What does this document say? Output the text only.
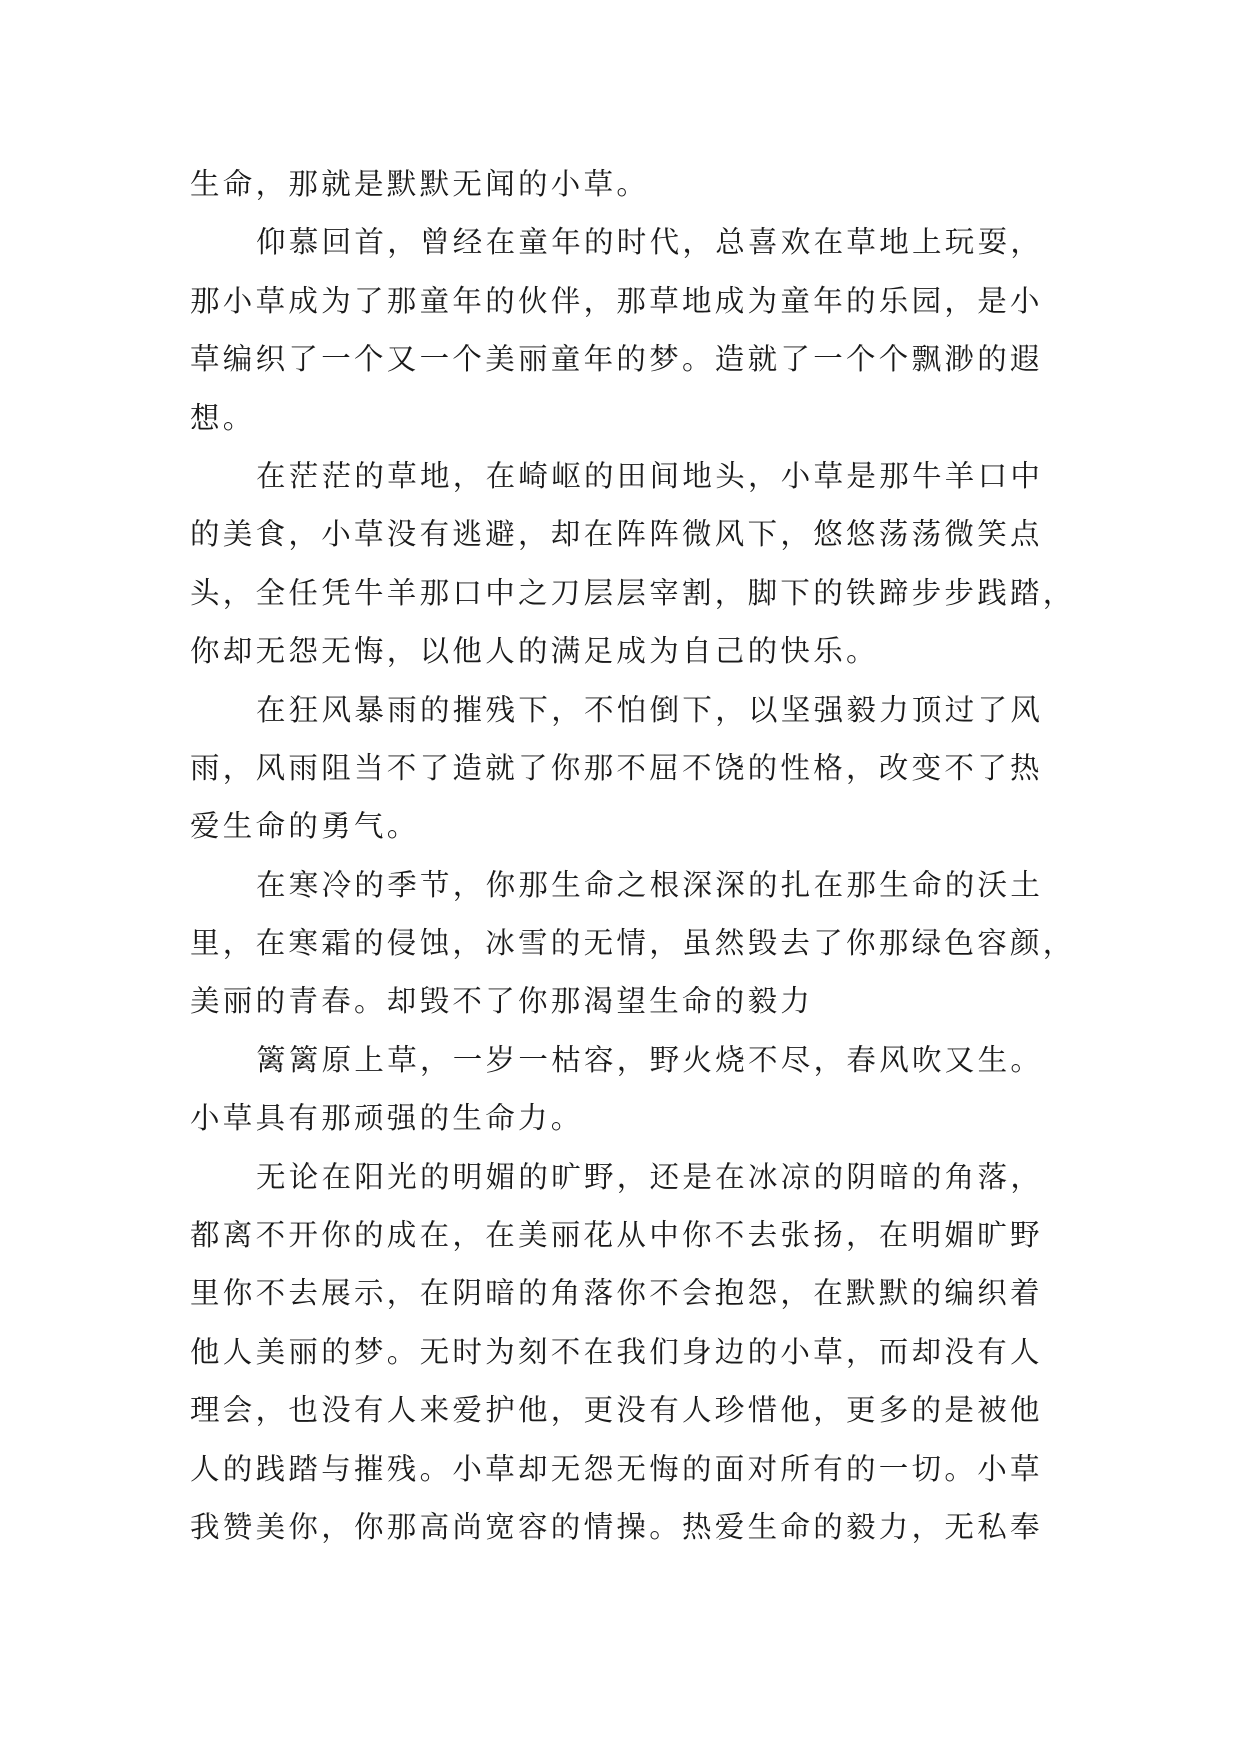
生命，那就是默默无闻的小草。
仰慕回首，曾经在童年的时代，总喜欢在草地上玩耍，
那小草成为了那童年的伙伴，那草地成为童年的乐园，是小
草编织了一个又一个美丽童年的梦。造就了一个个飘渺的遐
想。
在茫茫的草地，在崎岖的田间地头，小草是那牛羊口中
的美食，小草没有逃避，却在阵阵微风下，悠悠荡荡微笑点
头，全任凭牛羊那口中之刀层层宰割，脚下的铁蹄步步践踏，
你却无怨无悔，以他人的满足成为自己的快乐。
在狂风暴雨的摧残下，不怕倒下，以坚强毅力顶过了风
雨，风雨阻当不了造就了你那不屈不饶的性格，改变不了热
爱生命的勇气。
在寒冷的季节，你那生命之根深深的扎在那生命的沃土
里，在寒霜的侵蚀，冰雪的无情，虽然毁去了你那绿色容颜，
美丽的青春。却毁不了你那渴望生命的毅力
篱篱原上草，一岁一枯容，野火烧不尽，春风吹又生。
小草具有那顽强的生命力。
无论在阳光的明媚的旷野，还是在冰凉的阴暗的角落，
都离不开你的成在，在美丽花从中你不去张扬，在明媚旷野
里你不去展示，在阴暗的角落你不会抱怨，在默默的编织着
他人美丽的梦。无时为刻不在我们身边的小草，而却没有人
理会，也没有人来爱护他，更没有人珍惜他，更多的是被他
人的践踏与摧残。小草却无怨无悔的面对所有的一切。小草
我赞美你，你那高尚宽容的情操。热爱生命的毅力，无私奉
